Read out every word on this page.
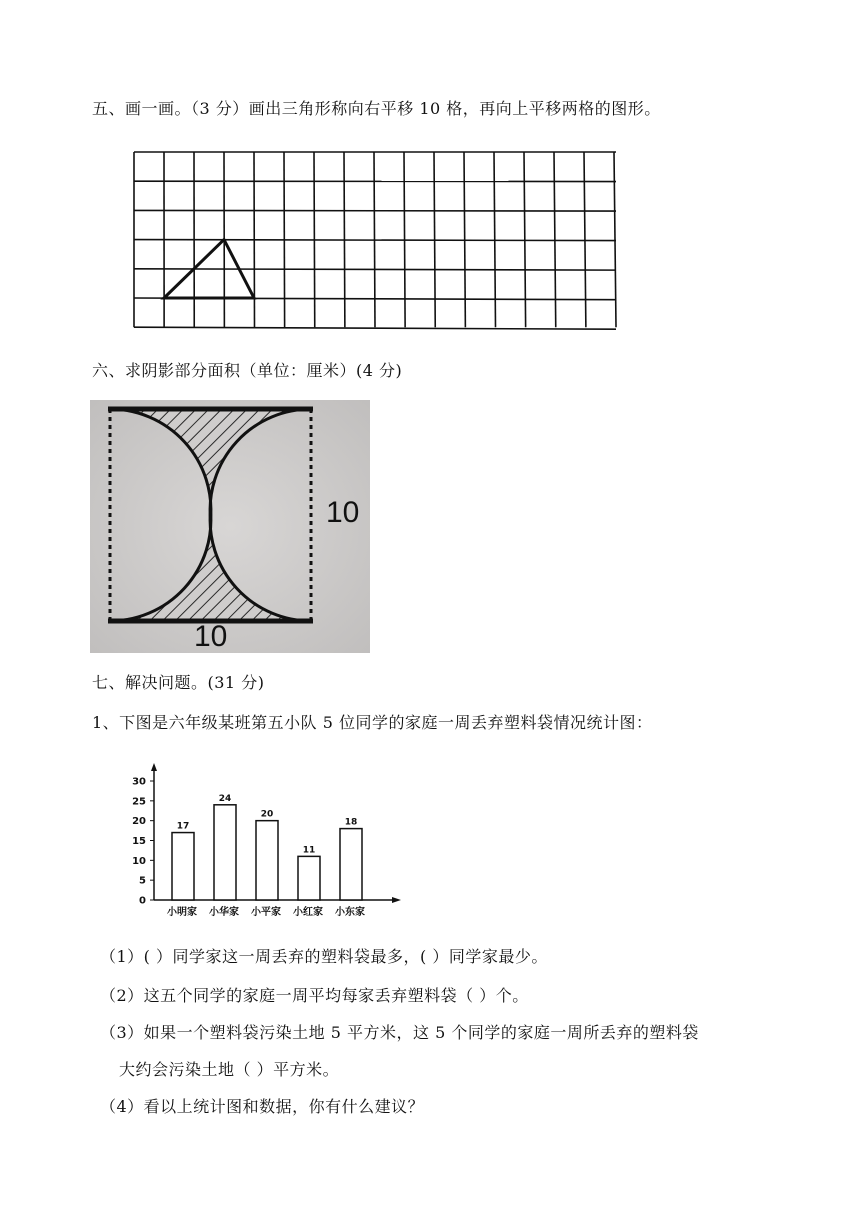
五、画一画。（3 分）画出三角形称向右平移 10 格，再向上平移两格的图形。
六、求阴影部分面积（单位：厘米）(4 分)
10
10
七、解决问题。(31 分)
1、下图是六年级某班第五小队 5 位同学的家庭一周丢弃塑料袋情况统计图：
0
5
10
15
20
25
30
17
小明家
24
小华家
20
小平家
11
小红家
18
小东家
（1）( ）同学家这一周丢弃的塑料袋最多，( ）同学家最少。
（2）这五个同学的家庭一周平均每家丢弃塑料袋（ ）个。
（3）如果一个塑料袋污染土地 5 平方米，这 5 个同学的家庭一周所丢弃的塑料袋
大约会污染土地（ ）平方米。
（4）看以上统计图和数据，你有什么建议？
